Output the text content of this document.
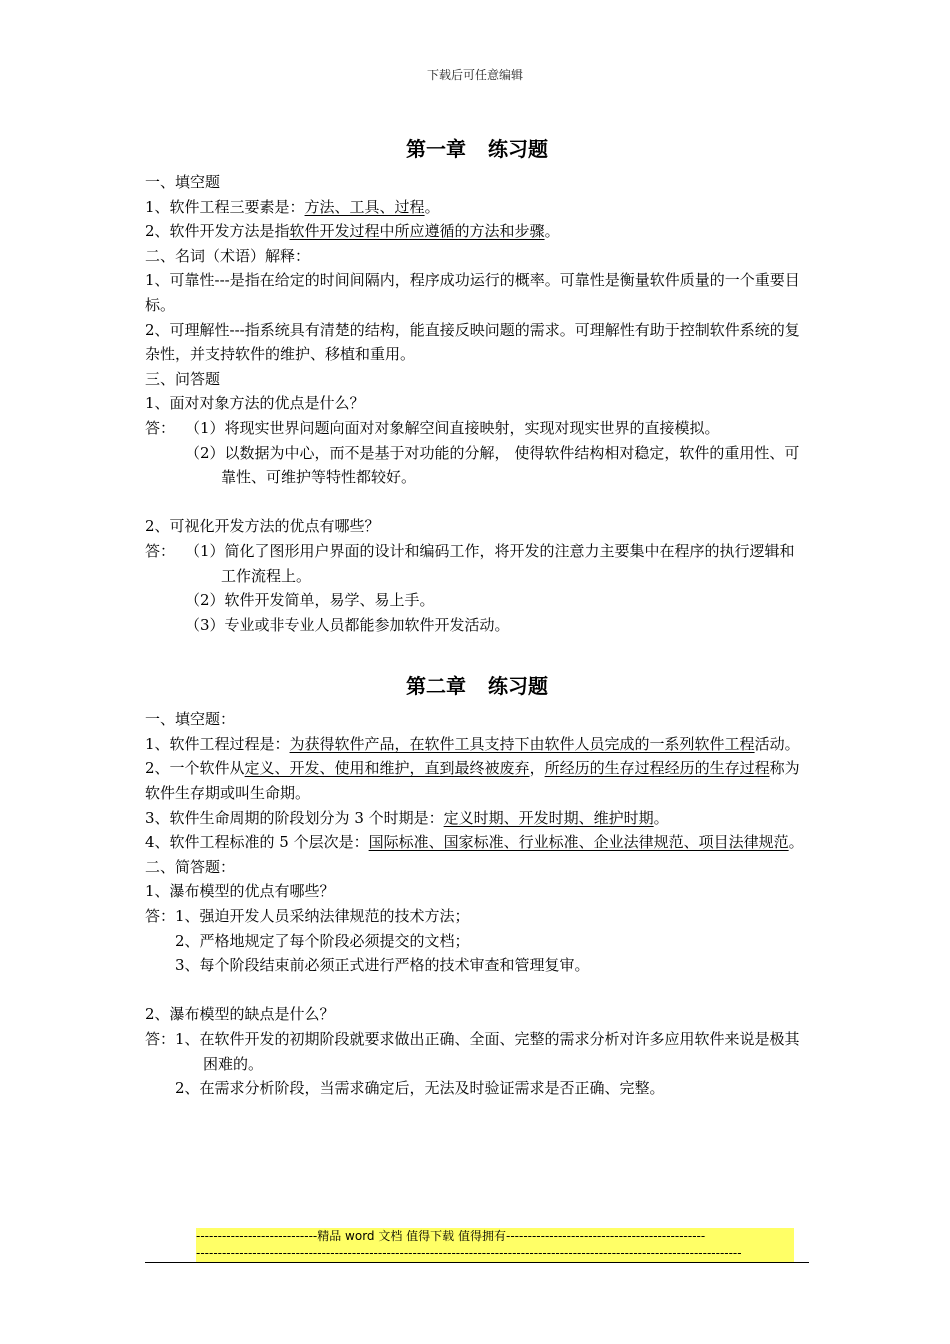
下载后可任意编辑
第一章 练习题

一、填空题

1、软件工程三要素是：方法、工具、过程。

2、软件开发方法是指软件开发过程中所应遵循的方法和步骤。

二、名词（术语）解释：

1、可靠性---是指在给定的时间间隔内，程序成功运行的概率。可靠性是衡量软件质量的一个重要目标。

2、可理解性---指系统具有清楚的结构，能直接反映问题的需求。可理解性有助于控制软件系统的复杂性，并支持软件的维护、移植和重用。

三、问答题

1、面对对象方法的优点是什么？

答： （1）将现实世界问题向面对对象解空间直接映射，实现对现实世界的直接模拟。

（2）以数据为中心，而不是基于对功能的分解， 使得软件结构相对稳定，软件的重用性、可靠性、可维护等特性都较好。

2、可视化开发方法的优点有哪些？

答： （1）简化了图形用户界面的设计和编码工作，将开发的注意力主要集中在程序的执行逻辑和工作流程上。

（2）软件开发简单，易学、易上手。

（3）专业或非专业人员都能参加软件开发活动。

第二章 练习题

一、填空题：

1、软件工程过程是：为获得软件产品，在软件工具支持下由软件人员完成的一系列软件工程活动。

2、一个软件从定义、开发、使用和维护，直到最终被废弃，所经历的生存过程经历的生存过程称为软件生存期或叫生命期。

3、软件生命周期的阶段划分为 3 个时期是：定义时期、开发时期、维护时期。

4、软件工程标准的 5 个层次是：国际标准、国家标准、行业标准、企业法律规范、项目法律规范。

二、简答题：

1、瀑布模型的优点有哪些？

答： 1、强迫开发人员采纳法律规范的技术方法；

2、严格地规定了每个阶段必须提交的文档；

3、每个阶段结束前必须正式进行严格的技术审查和管理复审。

2、瀑布模型的缺点是什么？

答： 1、在软件开发的初期阶段就要求做出正确、全面、完整的需求分析对许多应用软件来说是极其困难的。

2、在需求分析阶段，当需求确定后，无法及时验证需求是否正确、完整。

----------------------------精品 word 文档 值得下载 值得拥有----------------------------------------------
------------------------------------------------------------------------------------------------------------------------------
